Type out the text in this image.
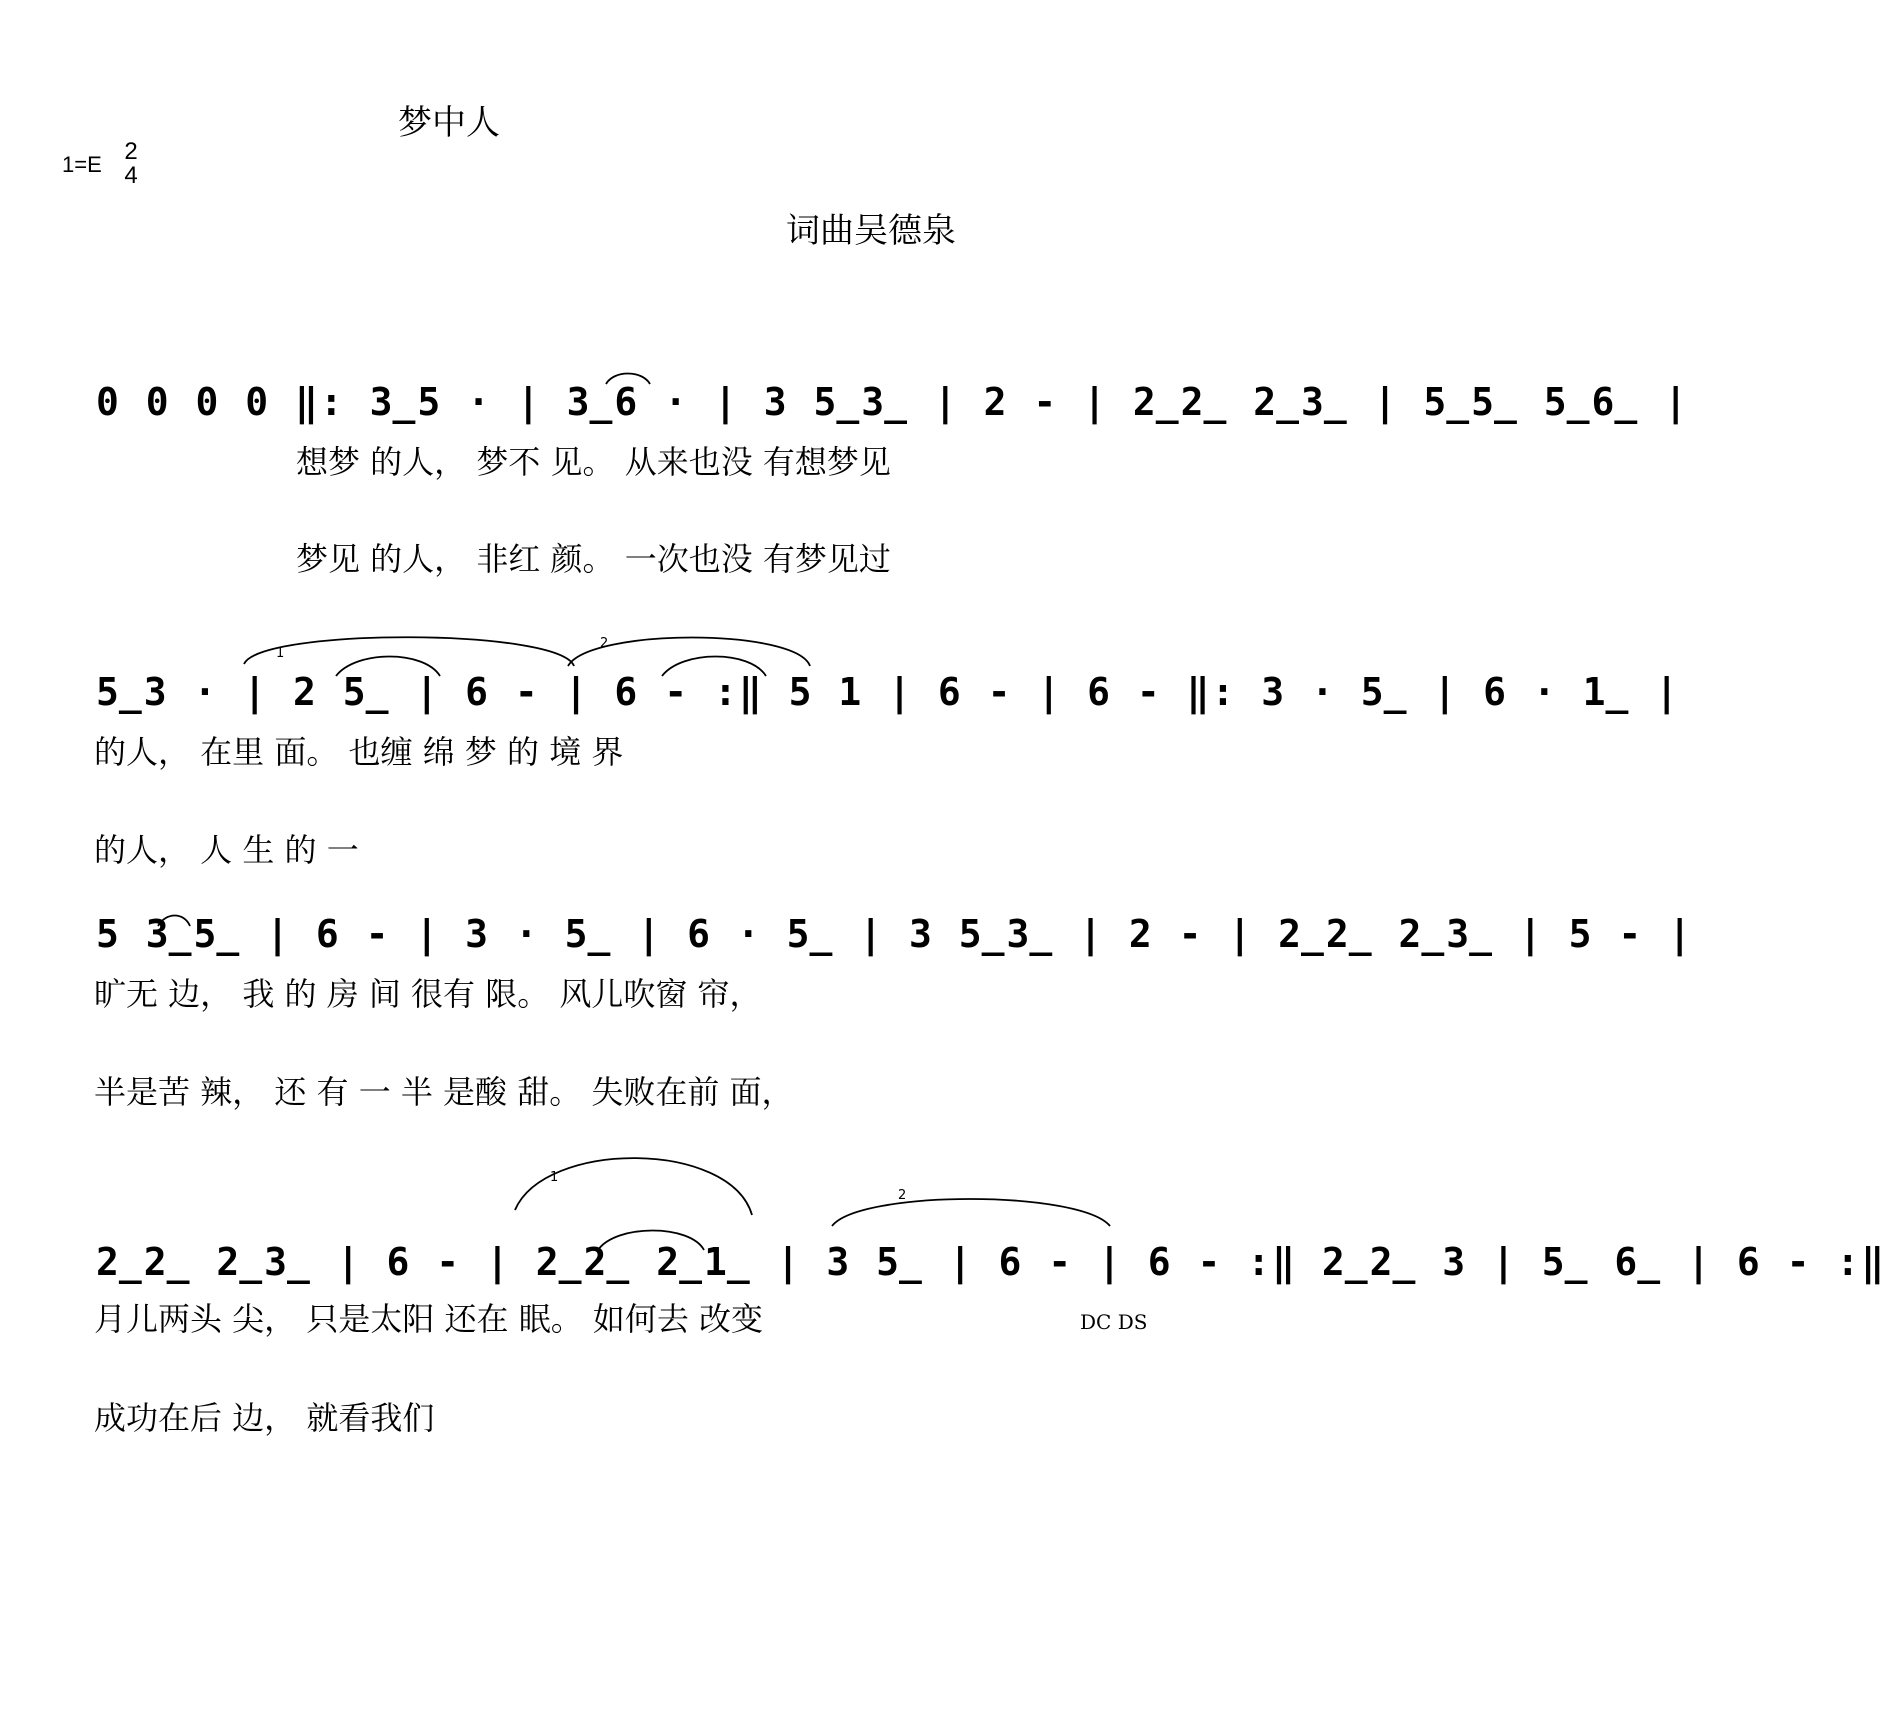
梦中人
1=E 2
4
词曲吴德泉
0 0 0 0 ‖: 3̲5 · | 3̲6 · | 3 5̲3̲ | 2 - | 2̲2̲ 2̲3̲ | 5̲5̲ 5̲6̲ |
想梦 的人， 梦不 见。 从来也没 有想梦见
梦见 的人， 非红 颜。 一次也没 有梦见过
5̲3 · | 2 5̲ | 6 - | 6 - :‖ 5 1 | 6 - | 6 - ‖: 3 · 5̲ | 6 · 1̲ |
1
2
的人， 在里 面。 也缠 绵 梦 的 境 界
的人， 人 生 的 一
5 3̲5̲ | 6 - | 3 · 5̲ | 6 · 5̲ | 3 5̲3̲ | 2 - | 2̲2̲ 2̲3̲ | 5 - |
旷无 边， 我 的 房 间 很有 限。 风儿吹窗 帘，
半是苦 辣， 还 有 一 半 是酸 甜。 失败在前 面，
2̲2̲ 2̲3̲ | 6 - | 2̲2̲ 2̲1̲ | 3 5̲ | 6 - | 6 - :‖ 2̲2̲ 3 | 5̲ 6̲ | 6 - :‖
1
2
月儿两头 尖， 只是太阳 还在 眠。 如何去 改变	DC DS
成功在后 边， 就看我们
